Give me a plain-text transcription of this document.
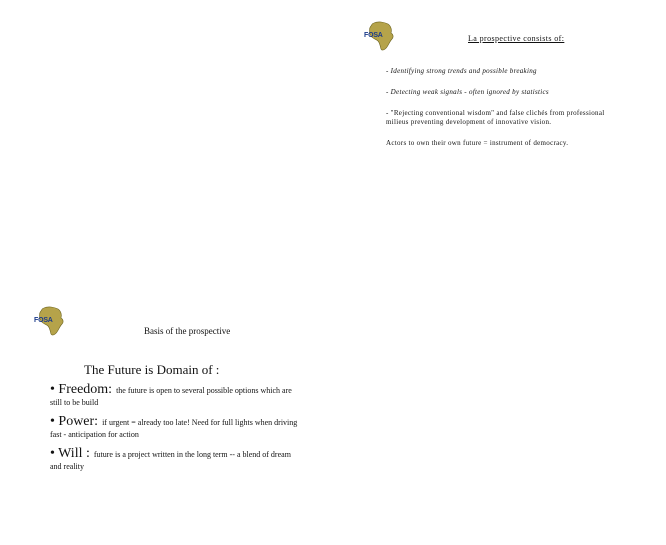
FOSA	La prospective consists of:
- Identifying strong trends and possible breaking
- Detecting weak signals - often ignored by statistics
- "Rejecting conventional wisdom" and false clichés from professional milieus preventing development of innovative vision.
Actors to own their own future = instrument of democracy.
FOSA
Basis of the prospective
The Future is Domain of :
• Freedom: the future is open to several possible options which are still to be build
• Power: if urgent = already too late! Need for full lights when driving fast - anticipation for action
• Will : future is a project written in the long term -- a blend of dream and reality
